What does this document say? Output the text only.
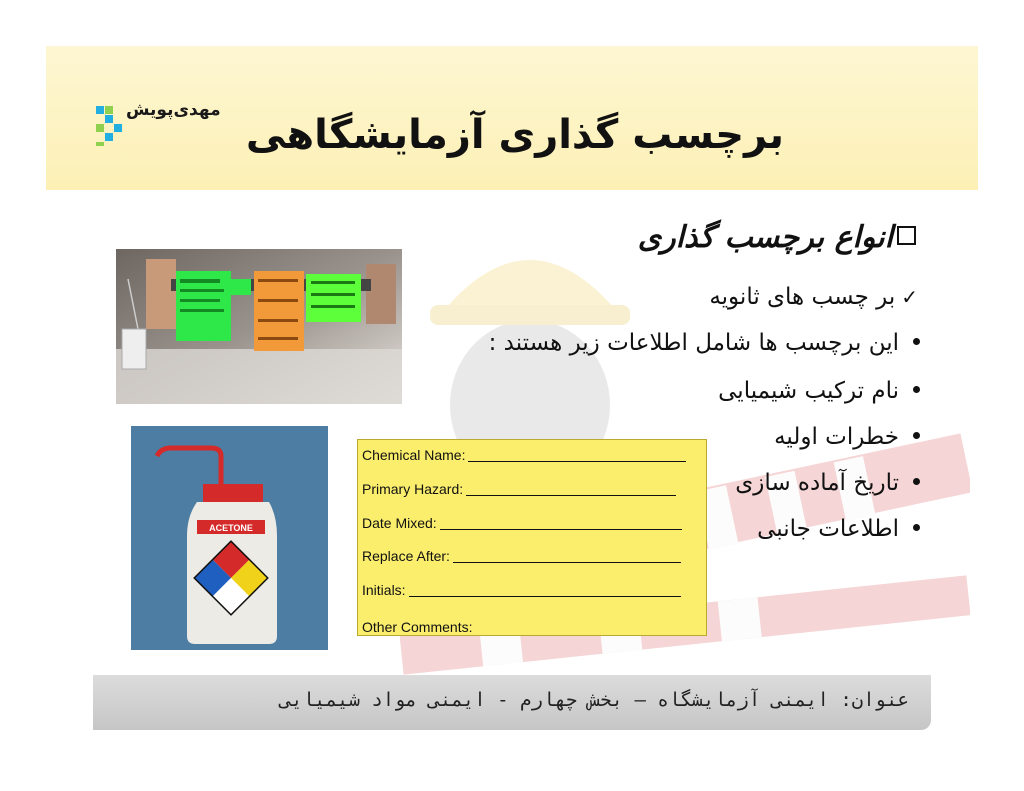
مهدی‌پویش
برچسب گذاری آزمایشگاهی
انواع برچسب گذاری
✓بر چسب های ثانویه
این برچسب ها شامل اطلاعات زیر هستند :
نام ترکیب شیمیایی
خطرات اولیه
تاریخ آماده سازی
اطلاعات جانبی
ACETONE
Chemical Name:
Primary Hazard:
Date Mixed:
Replace After:
Initials:
Other Comments:
عنوان: ایمنی آزمایشگاه – بخش چهارم - ایمنی مواد شیمیایی
